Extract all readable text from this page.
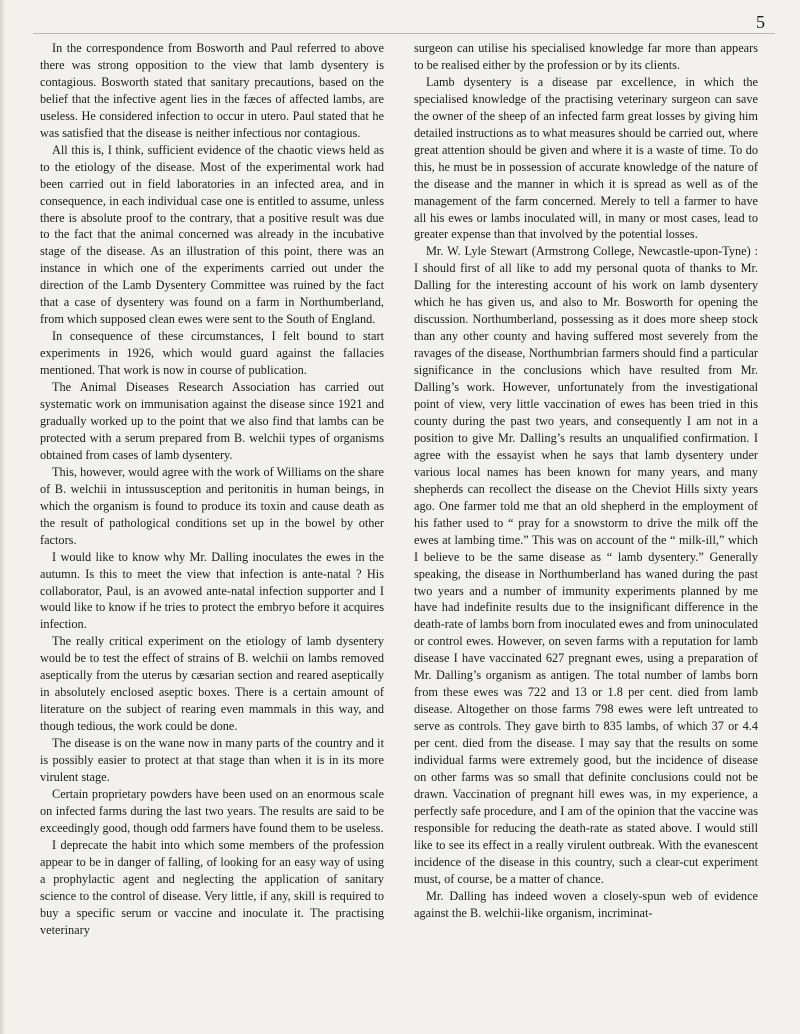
5

In the correspondence from Bosworth and Paul referred to above there was strong opposition to the view that lamb dysentery is contagious. Bosworth stated that sanitary precautions, based on the belief that the infective agent lies in the fæces of affected lambs, are useless. He considered infection to occur in utero. Paul stated that he was satisfied that the disease is neither infectious nor contagious.

All this is, I think, sufficient evidence of the chaotic views held as to the etiology of the disease. Most of the experimental work had been carried out in field laboratories in an infected area, and in consequence, in each individual case one is entitled to assume, unless there is absolute proof to the contrary, that a positive result was due to the fact that the animal concerned was already in the incubative stage of the disease. As an illustration of this point, there was an instance in which one of the experiments carried out under the direction of the Lamb Dysentery Committee was ruined by the fact that a case of dysentery was found on a farm in Northumberland, from which supposed clean ewes were sent to the South of England.

In consequence of these circumstances, I felt bound to start experiments in 1926, which would guard against the fallacies mentioned. That work is now in course of publication.

The Animal Diseases Research Association has carried out systematic work on immunisation against the disease since 1921 and gradually worked up to the point that we also find that lambs can be protected with a serum prepared from B. welchii types of organisms obtained from cases of lamb dysentery.

This, however, would agree with the work of Williams on the share of B. welchii in intussusception and peritonitis in human beings, in which the organism is found to produce its toxin and cause death as the result of pathological conditions set up in the bowel by other factors.

I would like to know why Mr. Dalling inoculates the ewes in the autumn. Is this to meet the view that infection is ante-natal ? His collaborator, Paul, is an avowed ante-natal infection supporter and I would like to know if he tries to protect the embryo before it acquires infection.

The really critical experiment on the etiology of lamb dysentery would be to test the effect of strains of B. welchii on lambs removed aseptically from the uterus by cæsarian section and reared aseptically in absolutely enclosed aseptic boxes. There is a certain amount of literature on the subject of rearing even mammals in this way, and though tedious, the work could be done.

The disease is on the wane now in many parts of the country and it is possibly easier to protect at that stage than when it is in its more virulent stage.

Certain proprietary powders have been used on an enormous scale on infected farms during the last two years. The results are said to be exceedingly good, though odd farmers have found them to be useless.

I deprecate the habit into which some members of the profession appear to be in danger of falling, of looking for an easy way of using a prophylactic agent and neglecting the application of sanitary science to the control of disease. Very little, if any, skill is required to buy a specific serum or vaccine and inoculate it. The practising veterinary

surgeon can utilise his specialised knowledge far more than appears to be realised either by the profession or by its clients.

Lamb dysentery is a disease par excellence, in which the specialised knowledge of the practising veterinary surgeon can save the owner of the sheep of an infected farm great losses by giving him detailed instructions as to what measures should be carried out, where great attention should be given and where it is a waste of time. To do this, he must be in possession of accurate knowledge of the nature of the disease and the manner in which it is spread as well as of the management of the farm concerned. Merely to tell a farmer to have all his ewes or lambs inoculated will, in many or most cases, lead to greater expense than that involved by the potential losses.

Mr. W. Lyle Stewart (Armstrong College, Newcastle-upon-Tyne) : I should first of all like to add my personal quota of thanks to Mr. Dalling for the interesting account of his work on lamb dysentery which he has given us, and also to Mr. Bosworth for opening the discussion. Northumberland, possessing as it does more sheep stock than any other county and having suffered most severely from the ravages of the disease, Northumbrian farmers should find a particular significance in the conclusions which have resulted from Mr. Dalling’s work. However, unfortunately from the investigational point of view, very little vaccination of ewes has been tried in this county during the past two years, and consequently I am not in a position to give Mr. Dalling’s results an unqualified confirmation. I agree with the essayist when he says that lamb dysentery under various local names has been known for many years, and many shepherds can recollect the disease on the Cheviot Hills sixty years ago. One farmer told me that an old shepherd in the employment of his father used to “ pray for a snowstorm to drive the milk off the ewes at lambing time.” This was on account of the “ milk-ill,” which I believe to be the same disease as “ lamb dysentery.” Generally speaking, the disease in Northumberland has waned during the past two years and a number of immunity experiments planned by me have had indefinite results due to the insignificant difference in the death-rate of lambs born from inoculated ewes and from uninoculated or control ewes. However, on seven farms with a reputation for lamb disease I have vaccinated 627 pregnant ewes, using a preparation of Mr. Dalling’s organism as antigen. The total number of lambs born from these ewes was 722 and 13 or 1.8 per cent. died from lamb disease. Altogether on those farms 798 ewes were left untreated to serve as controls. They gave birth to 835 lambs, of which 37 or 4.4 per cent. died from the disease. I may say that the results on some individual farms were extremely good, but the incidence of disease on other farms was so small that definite conclusions could not be drawn. Vaccination of pregnant hill ewes was, in my experience, a perfectly safe procedure, and I am of the opinion that the vaccine was responsible for reducing the death-rate as stated above. I would still like to see its effect in a really virulent outbreak. With the evanescent incidence of the disease in this country, such a clear-cut experiment must, of course, be a matter of chance.

Mr. Dalling has indeed woven a closely-spun web of evidence against the B. welchii-like organism, incriminat-
